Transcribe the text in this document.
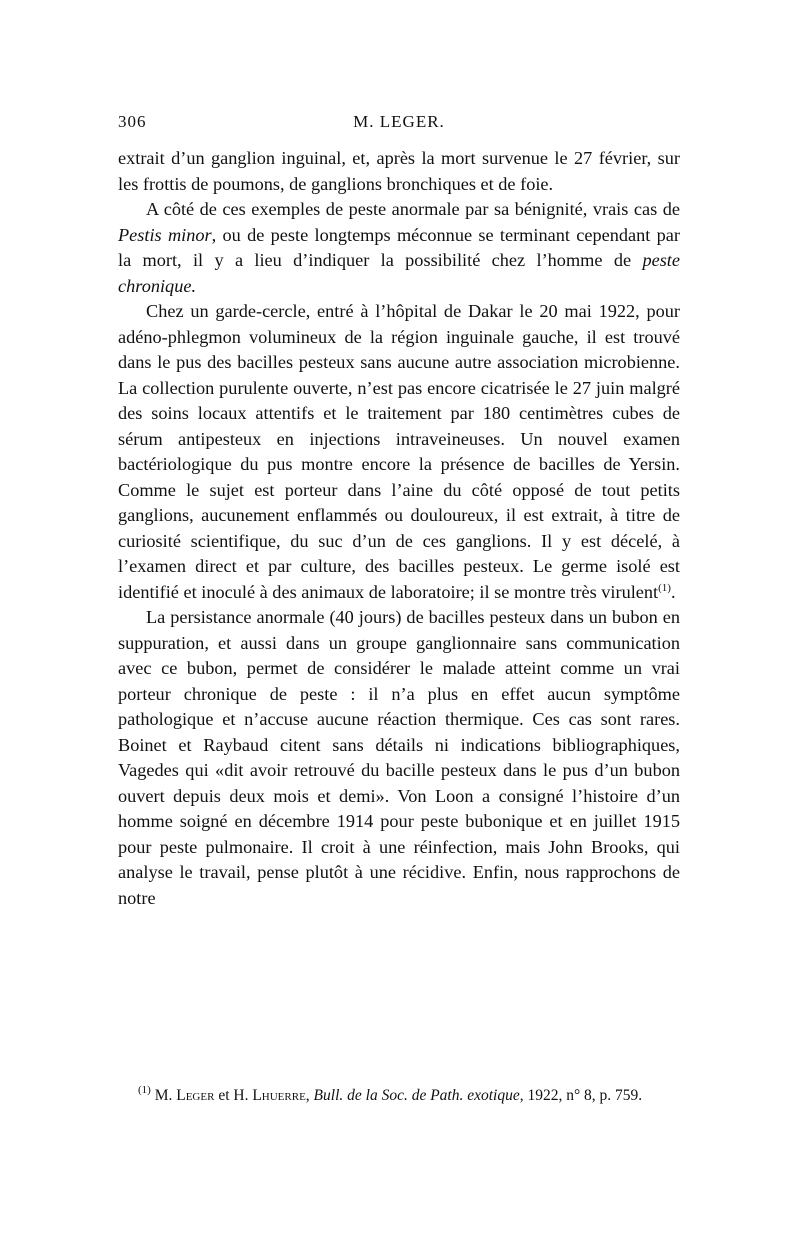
306	M. LEGER.

extrait d’un ganglion inguinal, et, après la mort survenue le 27 février, sur les frottis de poumons, de ganglions bronchiques et de foie.

A côté de ces exemples de peste anormale par sa bénignité, vrais cas de Pestis minor, ou de peste longtemps méconnue se terminant cependant par la mort, il y a lieu d’indiquer la possibilité chez l’homme de peste chronique.

Chez un garde-cercle, entré à l’hôpital de Dakar le 20 mai 1922, pour adéno-phlegmon volumineux de la région inguinale gauche, il est trouvé dans le pus des bacilles pesteux sans aucune autre association microbienne. La collection purulente ouverte, n’est pas encore cicatrisée le 27 juin malgré des soins locaux attentifs et le traitement par 180 centimètres cubes de sérum antipesteux en injections intraveineuses. Un nouvel examen bactériologique du pus montre encore la présence de bacilles de Yersin. Comme le sujet est porteur dans l’aine du côté opposé de tout petits ganglions, aucunement enflammés ou douloureux, il est extrait, à titre de curiosité scientifique, du suc d’un de ces ganglions. Il y est décelé, à l’examen direct et par culture, des bacilles pesteux. Le germe isolé est identifié et inoculé à des animaux de laboratoire; il se montre très virulent$^{(1)}$.

La persistance anormale (40 jours) de bacilles pesteux dans un bubon en suppuration, et aussi dans un groupe ganglionnaire sans communication avec ce bubon, permet de considérer le malade atteint comme un vrai porteur chronique de peste : il n’a plus en effet aucun symptôme pathologique et n’accuse aucune réaction thermique. Ces cas sont rares. Boinet et Raybaud citent sans détails ni indications bibliographiques, Vagedes qui «dit avoir retrouvé du bacille pesteux dans le pus d’un bubon ouvert depuis deux mois et demi». Von Loon a consigné l’histoire d’un homme soigné en décembre 1914 pour peste bubonique et en juillet 1915 pour peste pulmonaire. Il croit à une réinfection, mais John Brooks, qui analyse le travail, pense plutôt à une récidive. Enfin, nous rapprochons de notre

$^{(1)}$ M. Leger et H. Lhuerre, Bull. de la Soc. de Path. exotique, 1922, n° 8, p. 759.
